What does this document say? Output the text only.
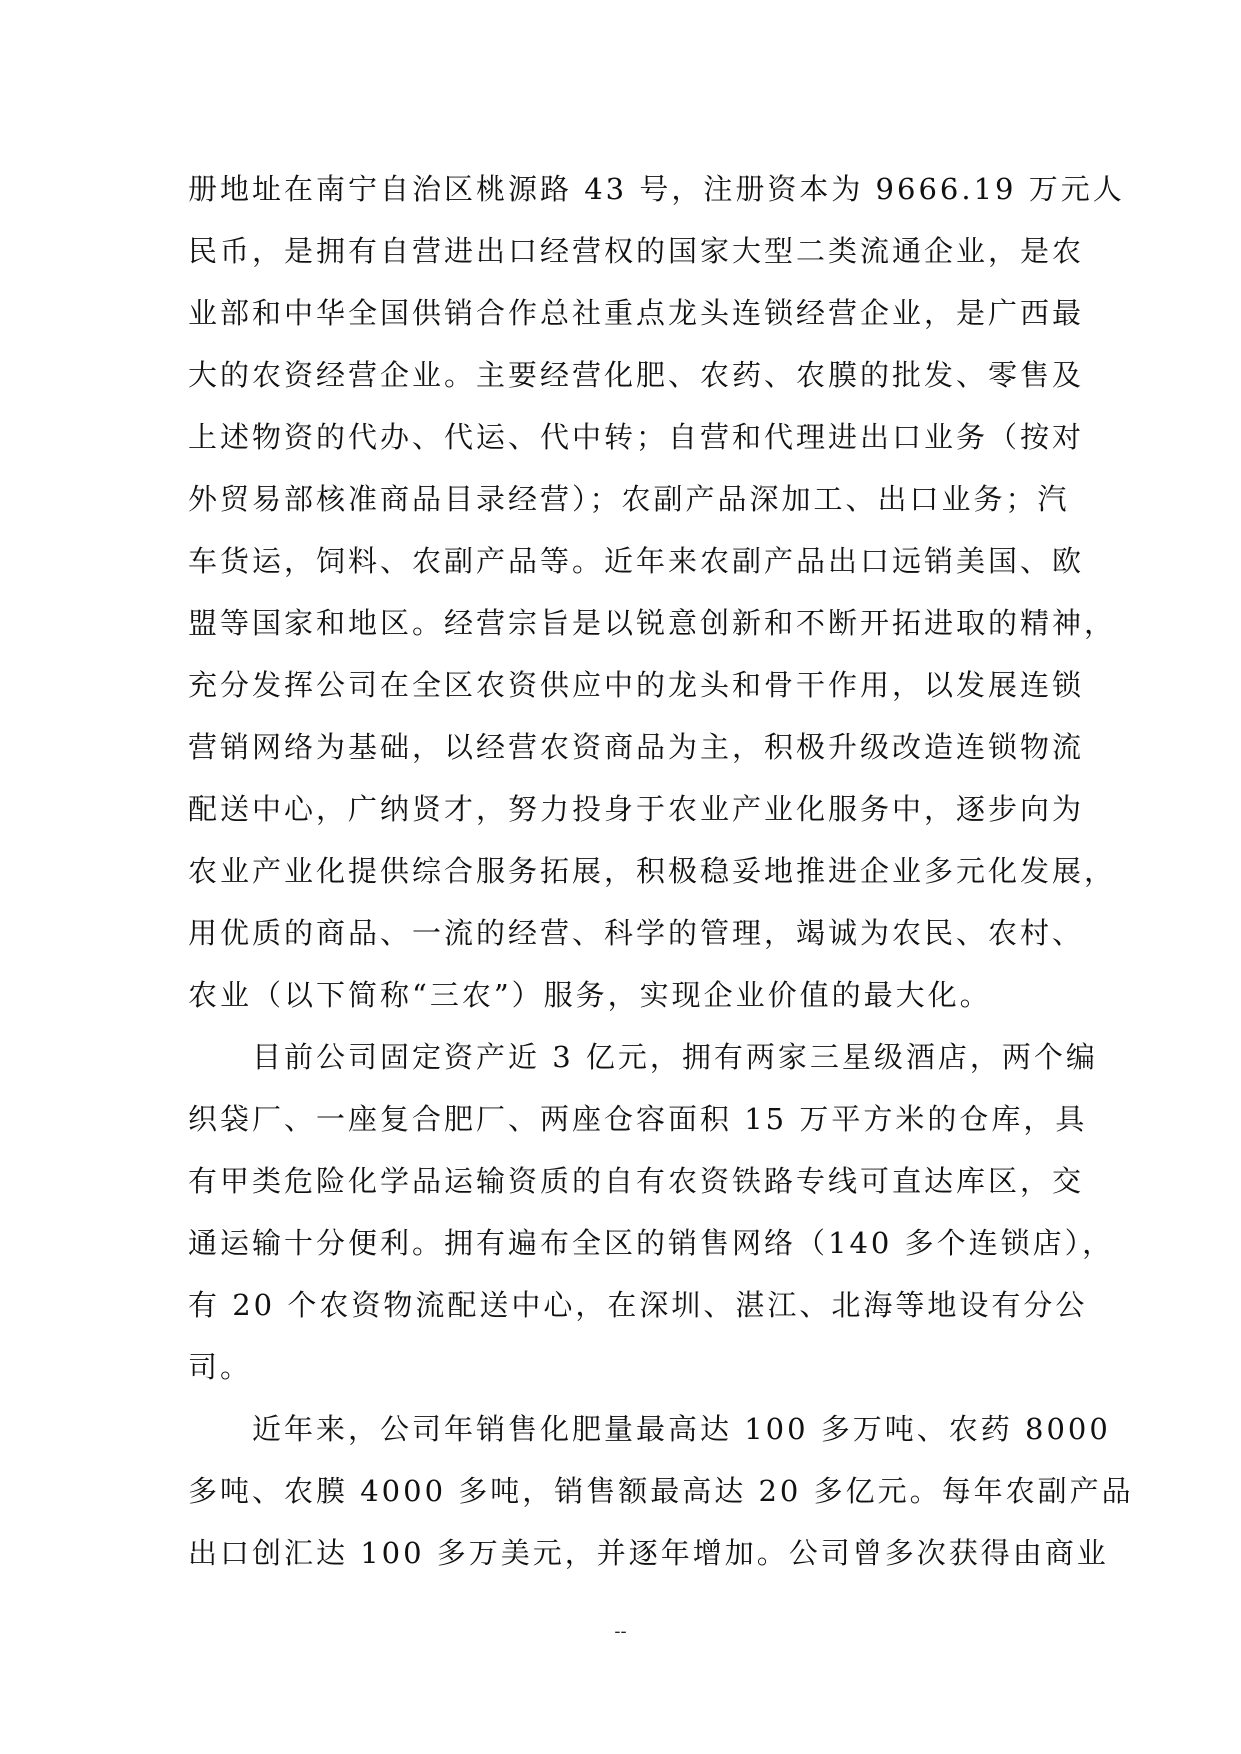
册地址在南宁自治区桃源路 43 号，注册资本为 9666.19 万元人
民币，是拥有自营进出口经营权的国家大型二类流通企业，是农
业部和中华全国供销合作总社重点龙头连锁经营企业，是广西最
大的农资经营企业。主要经营化肥、农药、农膜的批发、零售及
上述物资的代办、代运、代中转；自营和代理进出口业务（按对
外贸易部核准商品目录经营）；农副产品深加工、出口业务；汽
车货运，饲料、农副产品等。近年来农副产品出口远销美国、欧
盟等国家和地区。经营宗旨是以锐意创新和不断开拓进取的精神，
充分发挥公司在全区农资供应中的龙头和骨干作用，以发展连锁
营销网络为基础，以经营农资商品为主，积极升级改造连锁物流
配送中心，广纳贤才，努力投身于农业产业化服务中，逐步向为
农业产业化提供综合服务拓展，积极稳妥地推进企业多元化发展，
用优质的商品、一流的经营、科学的管理，竭诚为农民、农村、
农业（以下简称“三农”）服务，实现企业价值的最大化。
目前公司固定资产近 3 亿元，拥有两家三星级酒店，两个编
织袋厂、一座复合肥厂、两座仓容面积 15 万平方米的仓库，具
有甲类危险化学品运输资质的自有农资铁路专线可直达库区，交
通运输十分便利。拥有遍布全区的销售网络（140 多个连锁店），
有 20 个农资物流配送中心，在深圳、湛江、北海等地设有分公
司。
近年来，公司年销售化肥量最高达 100 多万吨、农药 8000
多吨、农膜 4000 多吨，销售额最高达 20 多亿元。每年农副产品
出口创汇达 100 多万美元，并逐年增加。公司曾多次获得由商业
--
